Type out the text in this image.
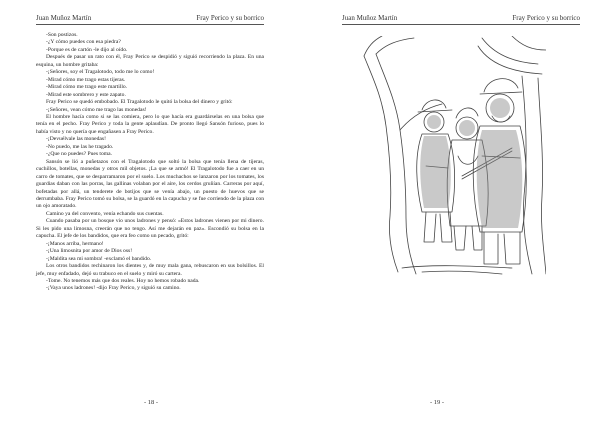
Juan Muñoz Martín	Fray Perico y su borrico

-Son postizos.

-¿Y cómo puedes con esa piedra?

-Porque es de cartón -le dijo al oído.

Después de pasar un rato con él, Fray Perico se despidió y siguió recorriendo la plaza. En una esquina, un hombre gritaba:

-¡Señores, soy el Tragalotodo, todo me lo como!

-Mirad cómo me trago estas tijeras.

-Mirad cómo me trago este martillo.

-Mirad este sombrero y este zapato.

Fray Perico se quedó embobado. El Tragalotodo le quitó la bolsa del dinero y gritó:

-¡Señores, vean cómo me trago las monedas!

El hombre hacía como si se las comiera, pero lo que hacía era guardárselas en una bolsa que tenía en el pecho. Fray Perico y toda la gente aplaudían. De pronto llegó Sansón furioso, pues lo había visto y no quería que engañasen a Fray Perico.

-¡Devuélvale las monedas!

-No puedo, me las he tragado.

-¿Que no puedes? Pues toma.

Sansón se lió a puñetazos con el Tragalotodo que soltó la bolsa que tenía llena de tijeras, cuchillos, botellas, monedas y otros mil objetos. ¡La que se armó! El Tragalotodo fue a caer en un carro de tomates, que se desparramaron por el suelo. Los muchachos se lanzaron por los tomates, los guardias daban con las porras, las gallinas volaban por el aire, los cerdos gruñían. Carreras por aquí, bofetadas por allá, un tenderete de botijos que se venía abajo, un puesto de huevos que se derrumbaba. Fray Perico tomó su bolsa, se la guardó en la capucha y se fue corriendo de la plaza con un ojo amoratado.

Camino ya del convento, venía echando sus cuentas.

Cuando pasaba por un bosque vio unos ladrones y pensó: «Estos ladrones vienen por mi dinero. Si les pido una limosna, creerán que no tengo. Así me dejarán en paz». Escondió su bolsa en la capucha. El jefe de los bandidos, que era feo como un pecado, gritó:

-¡Manos arriba, hermano!

-¡Una limosnita por amor de Dios oss!

-¡Maldita sea mi sombra! -exclamó el bandido.

Los otros bandidos rechinaron los dientes y, de muy mala gana, rebuscaron en sus bolsillos. El jefe, muy enfadado, dejó su trabuco en el suelo y miró su cartera.

-Tome. No tenemos más que dos reales. Hoy no hemos robado nada.

-¡Vaya unos ladrones! -dijo Fray Perico, y siguió su camino.

- 18 -
Juan Muñoz Martín	Fray Perico y su borrico
- 19 -
